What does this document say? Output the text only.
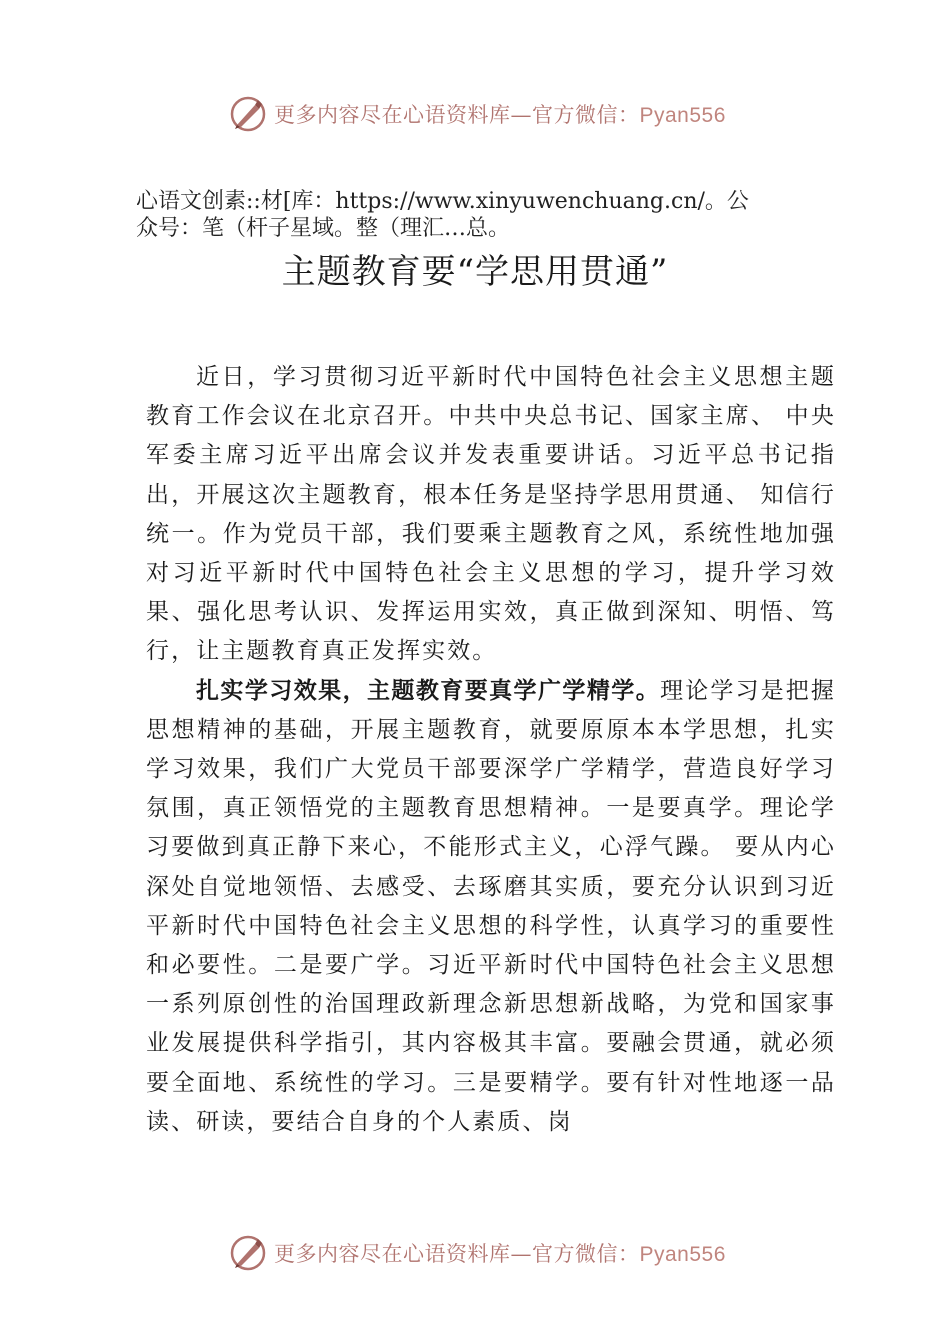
更多内容尽在心语资料库—官方微信：Pyan556
心语文创素::材[库：https://www.xinyuwenchuang.cn/。公
众号：笔（杆子星域。整（理汇…总。
主题教育要“学思用贯通”

近日，学习贯彻习近平新时代中国特色社会主义思想主题教育工作会议在北京召开。中共中央总书记、国家主席、 中央军委主席习近平出席会议并发表重要讲话。习近平总书记指出，开展这次主题教育，根本任务是坚持学思用贯通、 知信行统一。作为党员干部，我们要乘主题教育之风，系统性地加强对习近平新时代中国特色社会主义思想的学习，提升学习效果、强化思考认识、发挥运用实效，真正做到深知、明悟、笃行，让主题教育真正发挥实效。

扎实学习效果，主题教育要真学广学精学。理论学习是把握思想精神的基础，开展主题教育，就要原原本本学思想，扎实学习效果，我们广大党员干部要深学广学精学，营造良好学习氛围，真正领悟党的主题教育思想精神。一是要真学。理论学习要做到真正静下来心，不能形式主义，心浮气躁。 要从内心深处自觉地领悟、去感受、去琢磨其实质，要充分认识到习近平新时代中国特色社会主义思想的科学性，认真学习的重要性和必要性。二是要广学。习近平新时代中国特色社会主义思想一系列原创性的治国理政新理念新思想新战略，为党和国家事业发展提供科学指引，其内容极其丰富。要融会贯通，就必须要全面地、系统性的学习。三是要精学。要有针对性地逐一品读、研读，要结合自身的个人素质、岗

更多内容尽在心语资料库—官方微信：Pyan556
